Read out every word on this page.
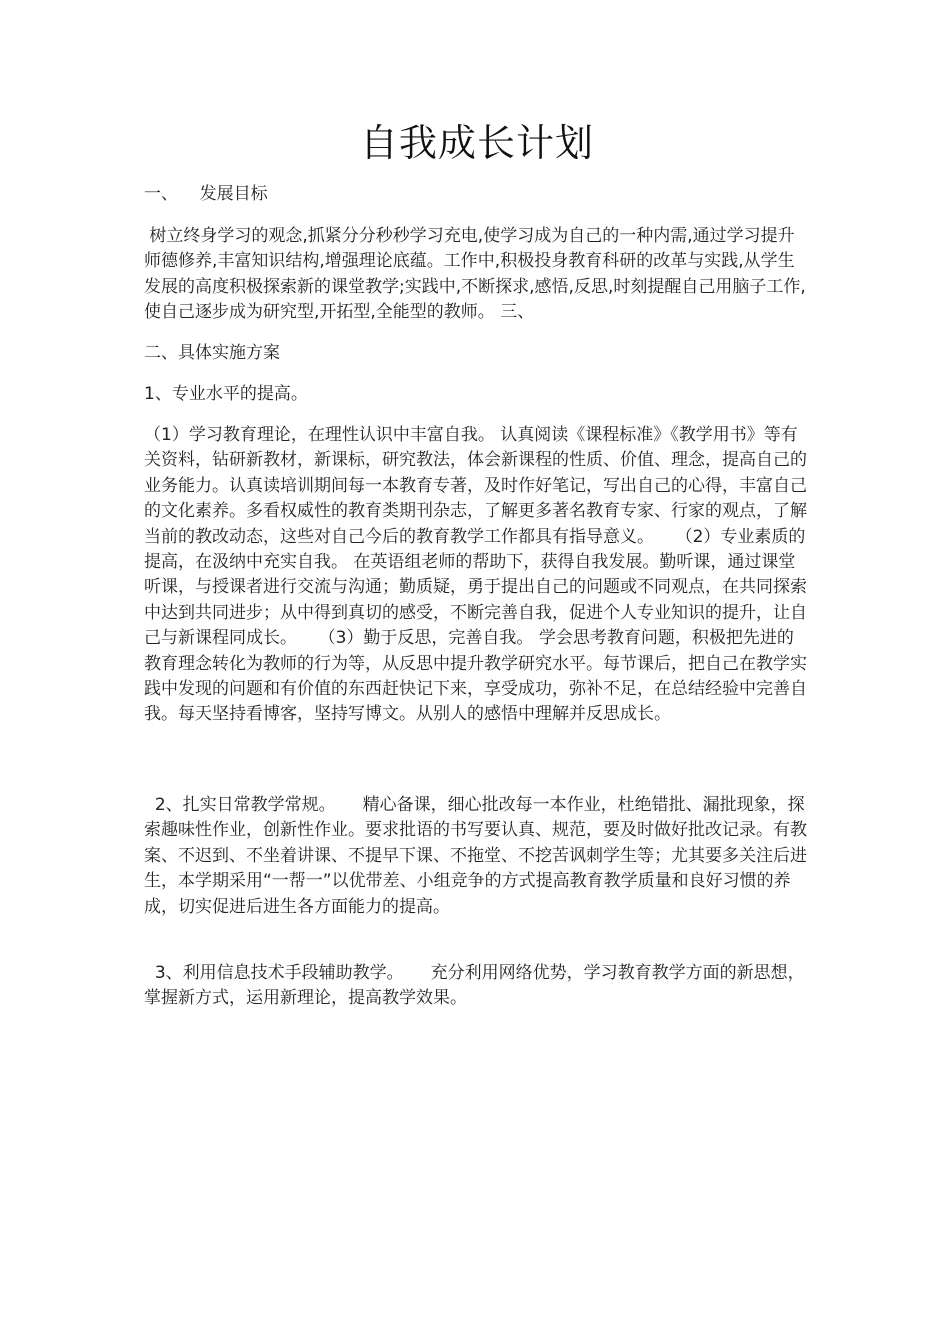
自我成长计划
一、    发展目标
树立终身学习的观念,抓紧分分秒秒学习充电,使学习成为自己的一种内需,通过学习提升师德修养,丰富知识结构,增强理论底蕴。工作中,积极投身教育科研的改革与实践,从学生发展的高度积极探索新的课堂教学;实践中,不断探求,感悟,反思,时刻提醒自己用脑子工作,使自己逐步成为研究型,开拓型,全能型的教师。 三、
二、具体实施方案
1、专业水平的提高。
（1）学习教育理论，在理性认识中丰富自我。 认真阅读《课程标准》《教学用书》等有关资料，钻研新教材，新课标，研究教法，体会新课程的性质、价值、理念，提高自己的业务能力。认真读培训期间每一本教育专著，及时作好笔记，写出自己的心得，丰富自己的文化素养。多看权威性的教育类期刊杂志，了解更多著名教育专家、行家的观点，了解当前的教改动态，这些对自己今后的教育教学工作都具有指导意义。    （2）专业素质的提高，在汲纳中充实自我。 在英语组老师的帮助下，获得自我发展。勤听课，通过课堂听课，与授课者进行交流与沟通；勤质疑，勇于提出自己的问题或不同观点，在共同探索中达到共同进步；从中得到真切的感受，不断完善自我，促进个人专业知识的提升，让自己与新课程同成长。    （3）勤于反思，完善自我。 学会思考教育问题，积极把先进的教育理念转化为教师的行为等，从反思中提升教学研究水平。每节课后，把自己在教学实践中发现的问题和有价值的东西赶快记下来，享受成功，弥补不足，在总结经验中完善自我。每天坚持看博客，坚持写博文。从别人的感悟中理解并反思成长。
2、扎实日常教学常规。     精心备课，细心批改每一本作业，杜绝错批、漏批现象，探索趣味性作业，创新性作业。要求批语的书写要认真、规范，要及时做好批改记录。有教案、不迟到、不坐着讲课、不提早下课、不拖堂、不挖苦讽刺学生等；尤其要多关注后进生，本学期采用“一帮一”以优带差、小组竞争的方式提高教育教学质量和良好习惯的养成，切实促进后进生各方面能力的提高。
3、利用信息技术手段辅助教学。     充分利用网络优势，学习教育教学方面的新思想，掌握新方式，运用新理论，提高教学效果。
